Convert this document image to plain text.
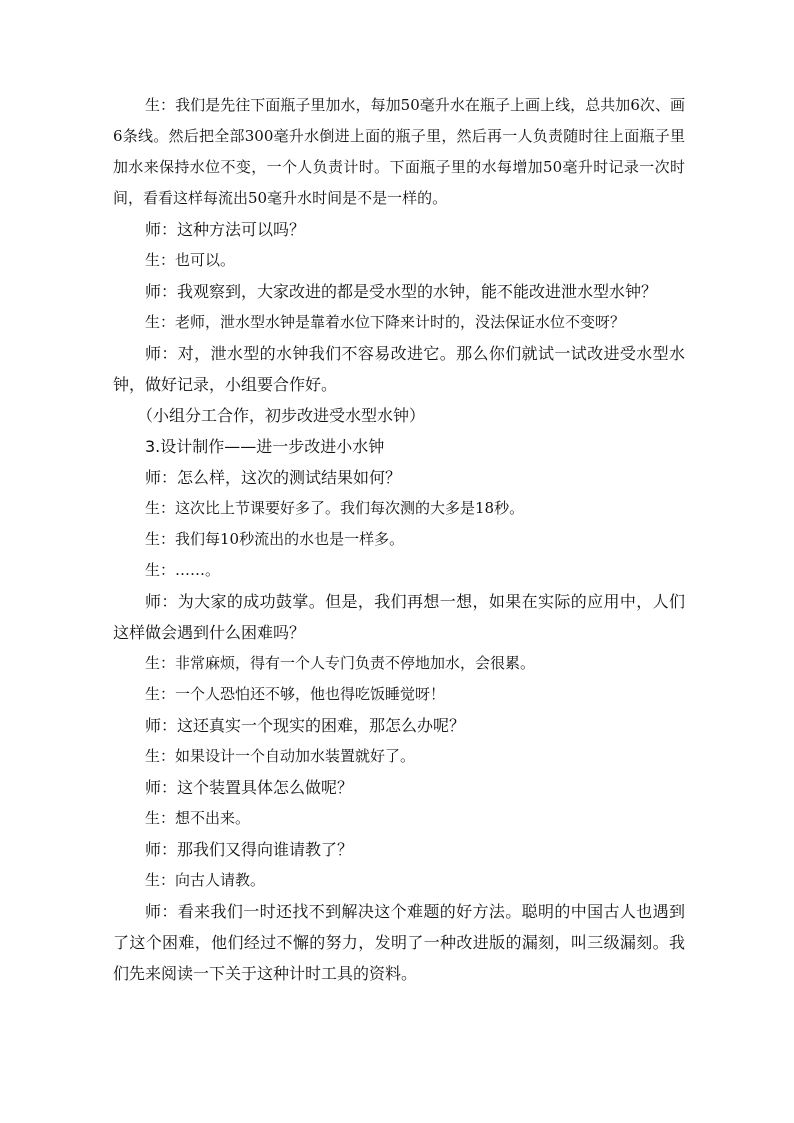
生：我们是先往下面瓶子里加水，每加50毫升水在瓶子上画上线，总共加6次、画6条线。然后把全部300毫升水倒进上面的瓶子里，然后再一人负责随时往上面瓶子里加水来保持水位不变，一个人负责计时。下面瓶子里的水每增加50毫升时记录一次时间，看看这样每流出50毫升水时间是不是一样的。

师：这种方法可以吗？

生：也可以。

师：我观察到，大家改进的都是受水型的水钟，能不能改进泄水型水钟？

生：老师，泄水型水钟是靠着水位下降来计时的，没法保证水位不变呀？

师：对，泄水型的水钟我们不容易改进它。那么你们就试一试改进受水型水钟，做好记录，小组要合作好。

（小组分工合作，初步改进受水型水钟）

3.设计制作——进一步改进小水钟

师：怎么样，这次的测试结果如何？

生：这次比上节课要好多了。我们每次测的大多是18秒。

生：我们每10秒流出的水也是一样多。

生：……。

师：为大家的成功鼓掌。但是，我们再想一想，如果在实际的应用中，人们这样做会遇到什么困难吗？

生：非常麻烦，得有一个人专门负责不停地加水，会很累。

生：一个人恐怕还不够，他也得吃饭睡觉呀！

师：这还真实一个现实的困难，那怎么办呢？

生：如果设计一个自动加水装置就好了。

师：这个装置具体怎么做呢？

生：想不出来。

师：那我们又得向谁请教了？

生：向古人请教。

师：看来我们一时还找不到解决这个难题的好方法。聪明的中国古人也遇到了这个困难，他们经过不懈的努力，发明了一种改进版的漏刻，叫三级漏刻。我们先来阅读一下关于这种计时工具的资料。
